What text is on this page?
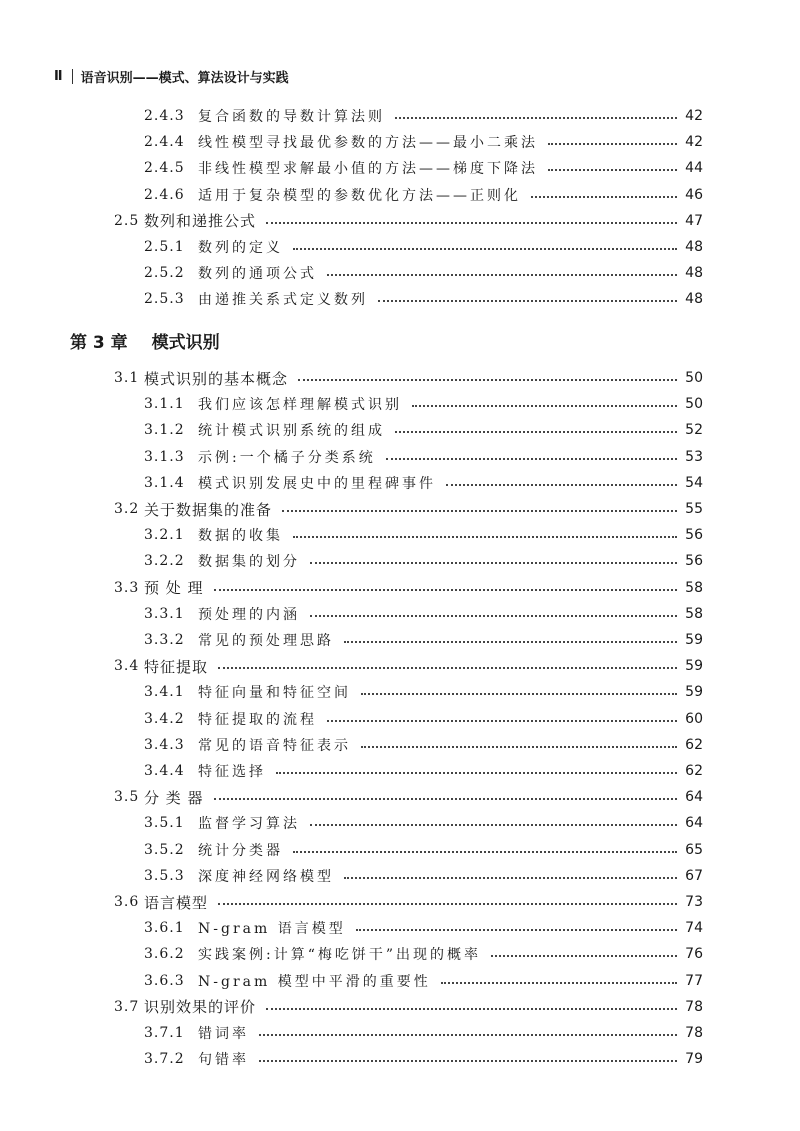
Ⅱ 语音识别——模式、算法设计与实践
第 3 章 模式识别
2.4.3 复合函数的导数计算法则	42
2.4.4 线性模型寻找最优参数的方法——最小二乘法	42
2.4.5 非线性模型求解最小值的方法——梯度下降法	44
2.4.6 适用于复杂模型的参数优化方法——正则化	46
2.5 数列和递推公式	47
2.5.1 数列的定义	48
2.5.2 数列的通项公式	48
2.5.3 由递推关系式定义数列	48
3.1 模式识别的基本概念	50
3.1.1 我们应该怎样理解模式识别	50
3.1.2 统计模式识别系统的组成	52
3.1.3 示例:一个橘子分类系统	53
3.1.4 模式识别发展史中的里程碑事件	54
3.2 关于数据集的准备	55
3.2.1 数据的收集	56
3.2.2 数据集的划分	56
3.3 预 处 理	58
3.3.1 预处理的内涵	58
3.3.2 常见的预处理思路	59
3.4 特征提取	59
3.4.1 特征向量和特征空间	59
3.4.2 特征提取的流程	60
3.4.3 常见的语音特征表示	62
3.4.4 特征选择	62
3.5 分 类 器	64
3.5.1 监督学习算法	64
3.5.2 统计分类器	65
3.5.3 深度神经网络模型	67
3.6 语言模型	73
3.6.1 N-gram 语言模型	74
3.6.2 实践案例:计算“梅吃饼干”出现的概率	76
3.6.3 N-gram 模型中平滑的重要性	77
3.7 识别效果的评价	78
3.7.1 错词率	78
3.7.2 句错率	79
